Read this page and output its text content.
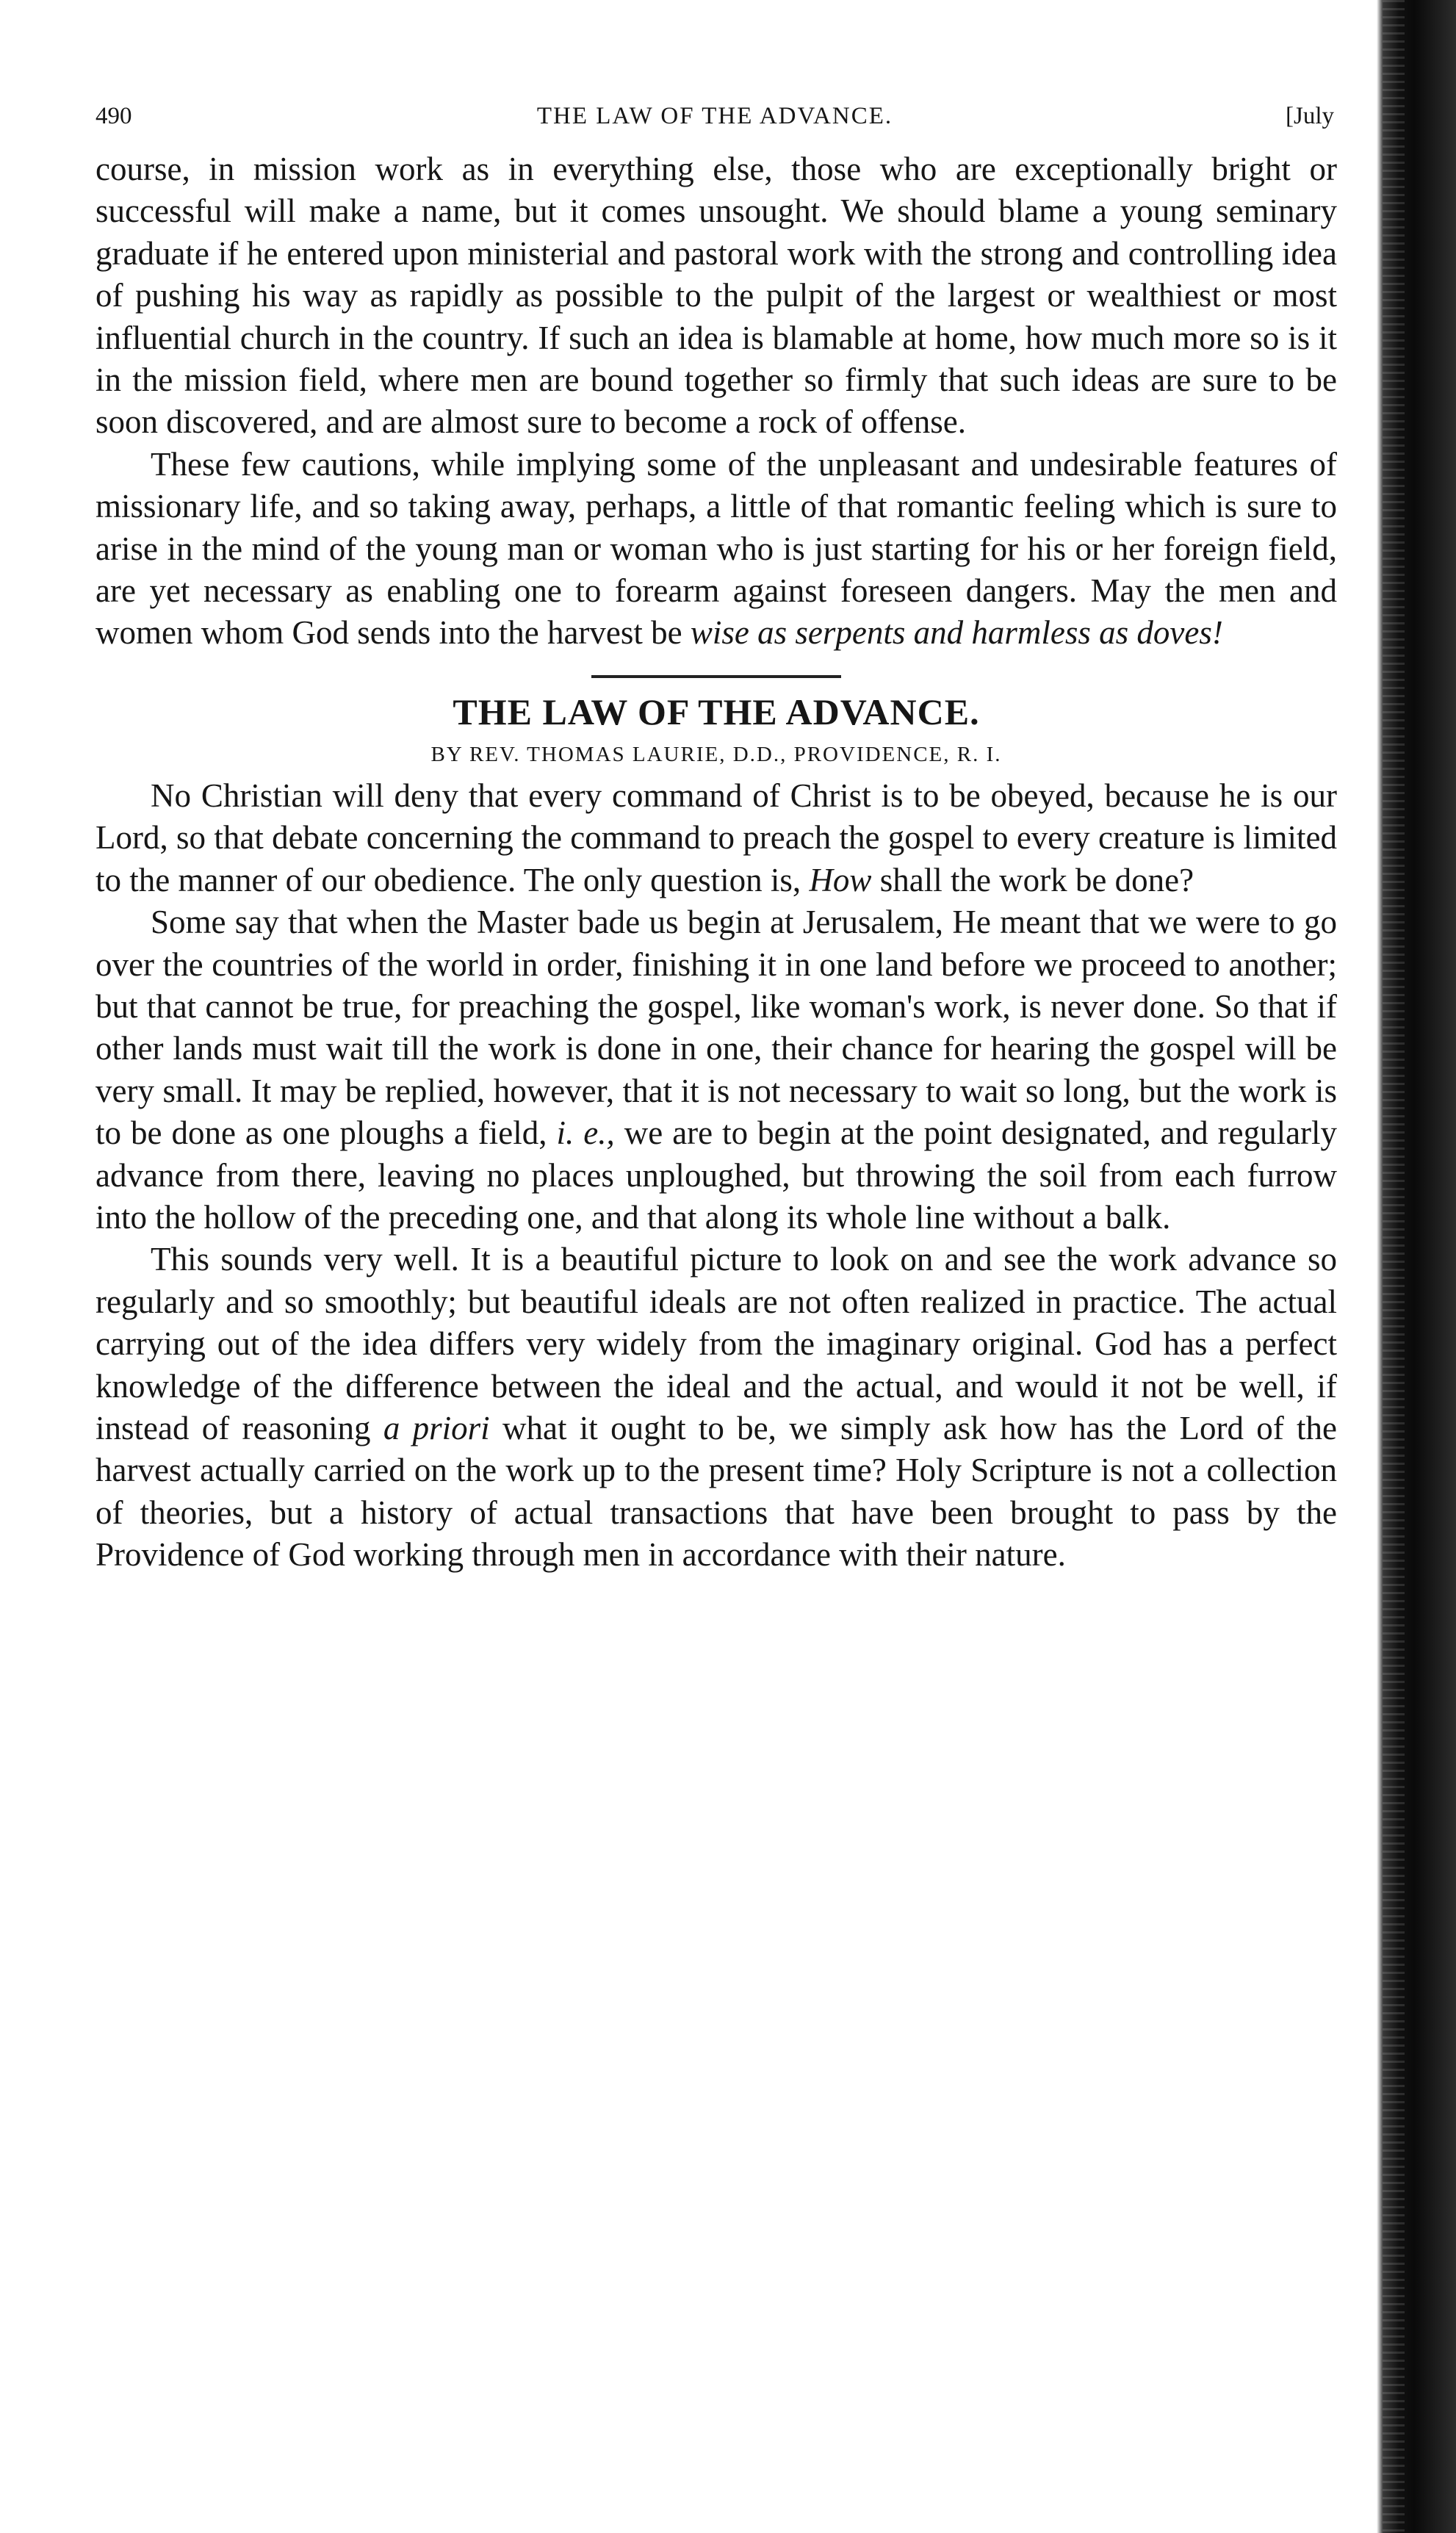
490	THE LAW OF THE ADVANCE.	[July

course, in mission work as in everything else, those who are exceptionally bright or successful will make a name, but it comes unsought. We should blame a young seminary graduate if he entered upon ministerial and pastoral work with the strong and controlling idea of pushing his way as rapidly as possible to the pulpit of the largest or wealthiest or most influential church in the country. If such an idea is blamable at home, how much more so is it in the mission field, where men are bound together so firmly that such ideas are sure to be soon discovered, and are almost sure to become a rock of offense.

These few cautions, while implying some of the unpleasant and undesirable features of missionary life, and so taking away, perhaps, a little of that romantic feeling which is sure to arise in the mind of the young man or woman who is just starting for his or her foreign field, are yet necessary as enabling one to forearm against foreseen dangers. May the men and women whom God sends into the harvest be wise as serpents and harmless as doves!

THE LAW OF THE ADVANCE.
BY REV. THOMAS LAURIE, D.D., PROVIDENCE, R. I.

No Christian will deny that every command of Christ is to be obeyed, because he is our Lord, so that debate concerning the command to preach the gospel to every creature is limited to the manner of our obedience. The only question is, How shall the work be done?

Some say that when the Master bade us begin at Jerusalem, He meant that we were to go over the countries of the world in order, finishing it in one land before we proceed to another; but that cannot be true, for preaching the gospel, like woman's work, is never done. So that if other lands must wait till the work is done in one, their chance for hearing the gospel will be very small. It may be replied, however, that it is not necessary to wait so long, but the work is to be done as one ploughs a field, i. e., we are to begin at the point designated, and regularly advance from there, leaving no places unploughed, but throwing the soil from each furrow into the hollow of the preceding one, and that along its whole line without a balk.

This sounds very well. It is a beautiful picture to look on and see the work advance so regularly and so smoothly; but beautiful ideals are not often realized in practice. The actual carrying out of the idea differs very widely from the imaginary original. God has a perfect knowledge of the difference between the ideal and the actual, and would it not be well, if instead of reasoning a priori what it ought to be, we simply ask how has the Lord of the harvest actually carried on the work up to the present time? Holy Scripture is not a collection of theories, but a history of actual transactions that have been brought to pass by the Providence of God working through men in accordance with their nature.
